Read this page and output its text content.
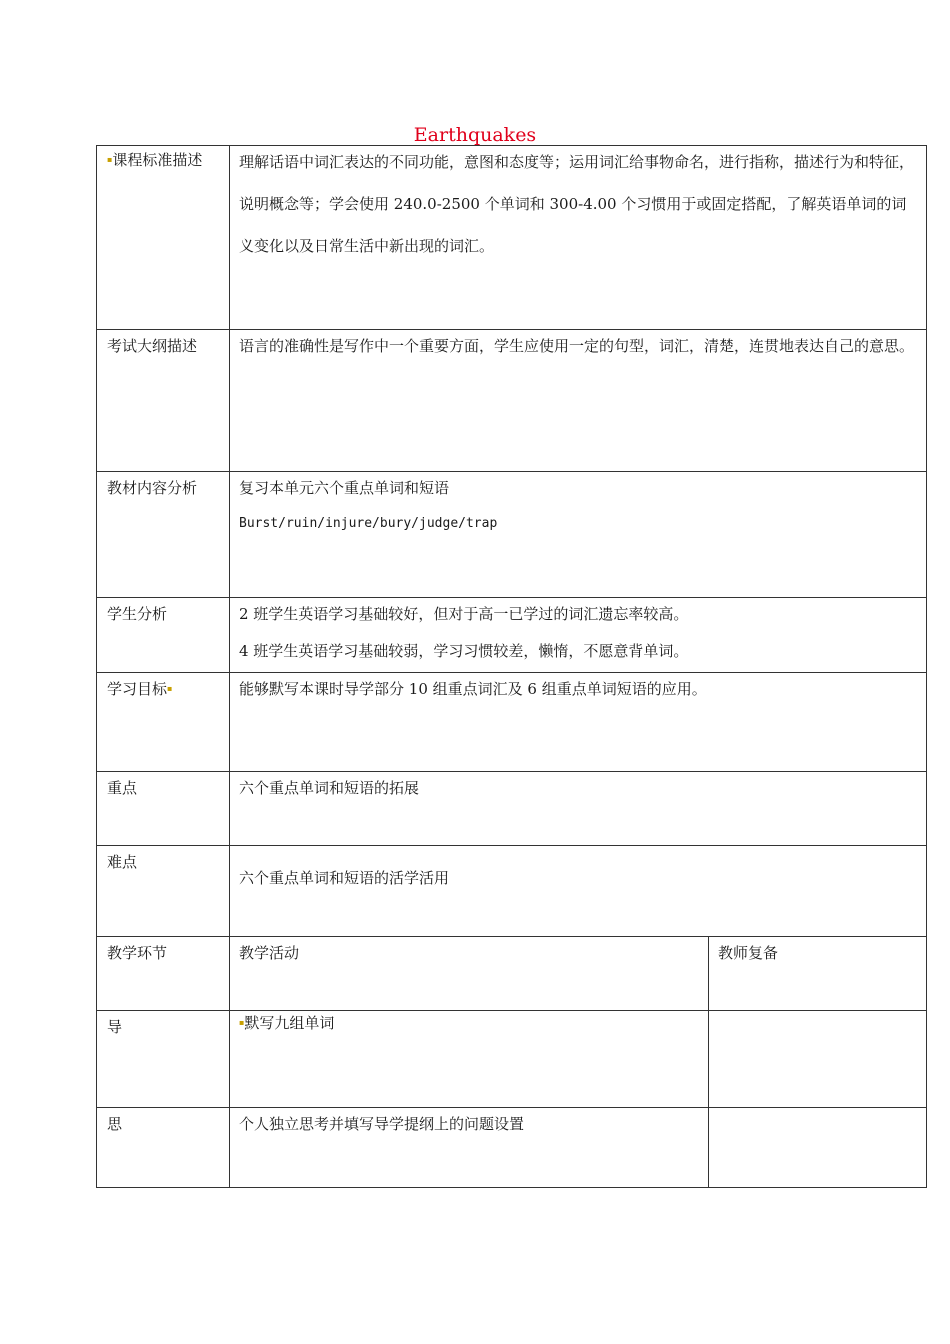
Earthquakes
▪课程标准描述	理解话语中词汇表达的不同功能，意图和态度等；运用词汇给事物命名，进行指称，描述行为和特征，说明概念等；学会使用 240.0-2500 个单词和 300-4.00 个习惯用于或固定搭配，了解英语单词的词义变化以及日常生活中新出现的词汇。	

考试大纲描述	语言的准确性是写作中一个重要方面，学生应使用一定的句型，词汇，清楚，连贯地表达自己的意思。	

教材内容分析	复习本单元六个重点单词和短语
Burst/ruin/injure/bury/judge/trap	

学生分析	2 班学生英语学习基础较好，但对于高一已学过的词汇遗忘率较高。
4 班学生英语学习基础较弱，学习习惯较差，懒惰，不愿意背单词。	

学习目标▪	能够默写本课时导学部分 10 组重点词汇及 6 组重点单词短语的应用。	

重点	六个重点单词和短语的拓展	

难点	六个重点单词和短语的活学活用	

教学环节	教学活动	教师复备

导	▪默写九组单词	

思	个人独立思考并填写导学提纲上的问题设置	
